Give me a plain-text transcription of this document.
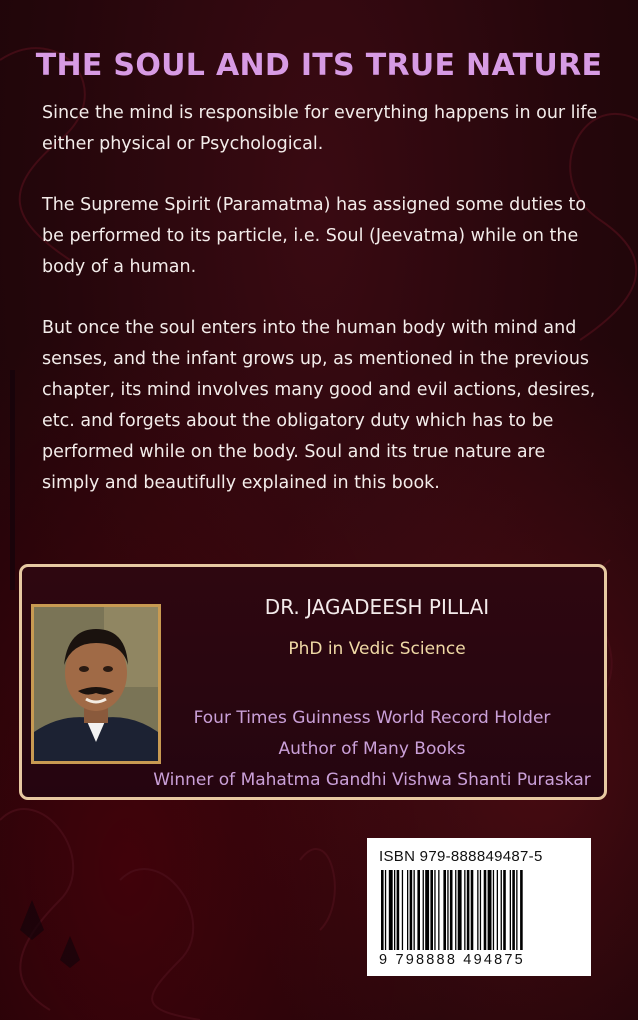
THE SOUL AND ITS TRUE NATURE

Since the mind is responsible for everything happens in our life either physical or Psychological.

The Supreme Spirit (Paramatma) has assigned some duties to be performed to its particle, i.e. Soul (Jeevatma) while on the body of a human.

But once the soul enters into the human body with mind and senses, and the infant grows up, as mentioned in the previous chapter, its mind involves many good and evil actions, desires, etc. and forgets about the obligatory duty which has to be performed while on the body. Soul and its true nature are simply and beautifully explained in this book.

DR. JAGADEESH PILLAI
PhD in Vedic Science
Four Times Guinness World Record Holder
Author of Many Books
Winner of Mahatma Gandhi Vishwa Shanti Puraskar
ISBN 979-888849487-5
9 798888 494875
